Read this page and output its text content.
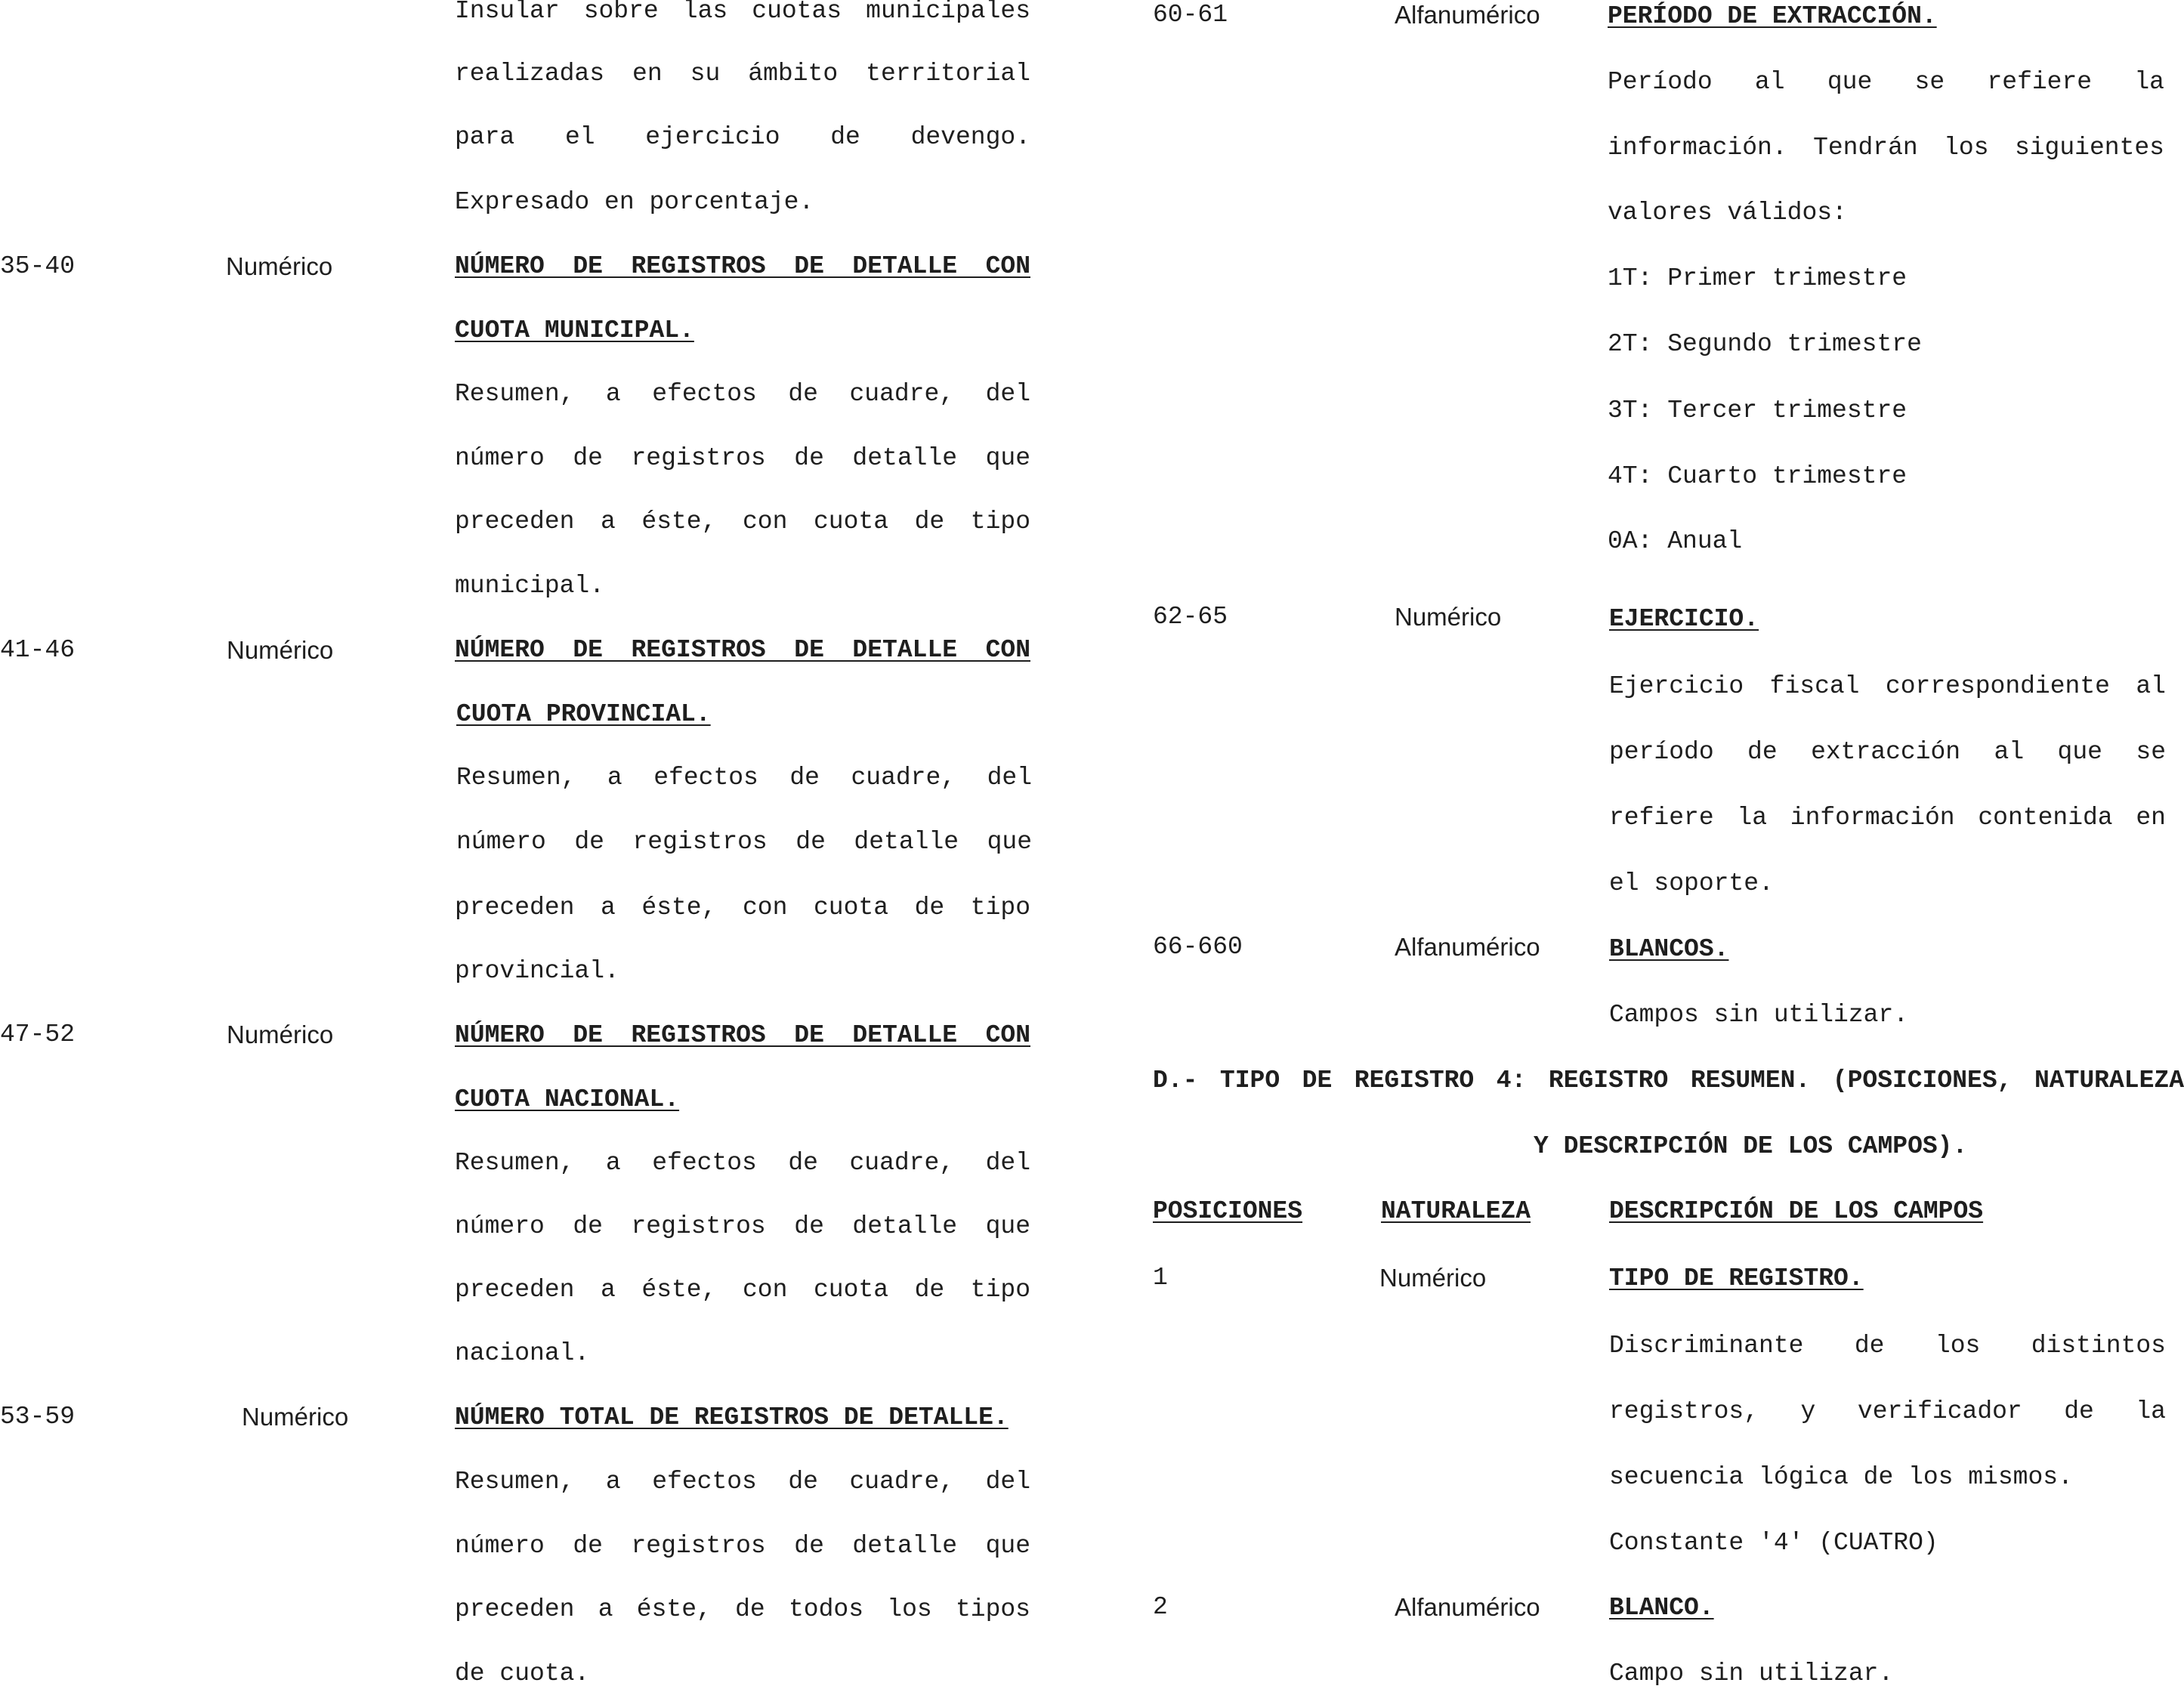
Insular sobre las cuotas municipales

realizadas en su ámbito territorial

para el ejercicio de devengo.

Expresado en porcentaje.

35-40	Numérico	NÚMERO DE REGISTROS DE DETALLE CON

CUOTA MUNICIPAL.

Resumen, a efectos de cuadre, del

número de registros de detalle que

preceden a éste, con cuota de tipo

municipal.

41-46	Numérico	NÚMERO DE REGISTROS DE DETALLE CON

CUOTA PROVINCIAL.

Resumen, a efectos de cuadre, del

número de registros de detalle que

preceden a éste, con cuota de tipo

provincial.

47-52	Numérico	NÚMERO DE REGISTROS DE DETALLE CON

CUOTA NACIONAL.

Resumen, a efectos de cuadre, del

número de registros de detalle que

preceden a éste, con cuota de tipo

nacional.

53-59	Numérico	NÚMERO TOTAL DE REGISTROS DE DETALLE.

Resumen, a efectos de cuadre, del

número de registros de detalle que

preceden a éste, de todos los tipos

de cuota.

60-61	Alfanumérico	PERÍODO DE EXTRACCIÓN.

Período al que se refiere la

información. Tendrán los siguientes

valores válidos:

1T: Primer trimestre

2T: Segundo trimestre

3T: Tercer trimestre

4T: Cuarto trimestre

0A: Anual

62-65	Numérico	EJERCICIO.

Ejercicio fiscal correspondiente al

período de extracción al que se

refiere la información contenida en

el soporte.

66-660	Alfanumérico	BLANCOS.

Campos sin utilizar.

D.- TIPO DE REGISTRO 4: REGISTRO RESUMEN. (POSICIONES, NATURALEZA

Y DESCRIPCIÓN DE LOS CAMPOS).

POSICIONES	NATURALEZA	DESCRIPCIÓN DE LOS CAMPOS

1	Numérico	TIPO DE REGISTRO.

Discriminante de los distintos

registros, y verificador de la

secuencia lógica de los mismos.

Constante '4' (CUATRO)

2	Alfanumérico	BLANCO.

Campo sin utilizar.
